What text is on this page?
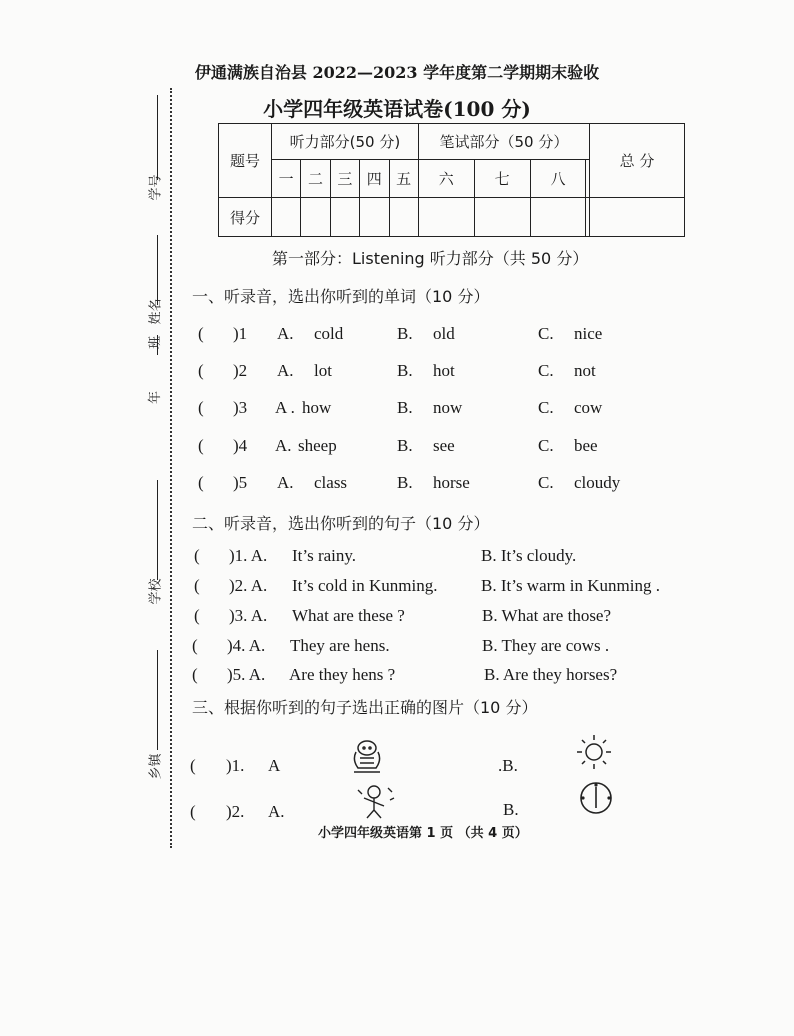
学号
姓名
班
年
学校
乡镇
伊通满族自治县 2022—2023 学年度第二学期期末验收
小学四年级英语试卷(100 分)
题号	听力部分(50 分)					笔试部分（50 分）				总 分
	一	二	三	四	五	六	七	八		
得分										
第一部分：Listening 听力部分（共 50 分）
一、听录音，选出你听到的单词（10 分）
( )1 A. cold	B. old	C. nice
( )2 A. lot	B. hot	C. not
( )3 A . how	B. now	C. cow
( )4 A. sheep	B. see	C. bee
( )5 A. class	B. horse	C. cloudy
二、听录音，选出你听到的句子（10 分）
( )1. A. It’s rainy.	B. It’s cloudy.
( )2. A. It’s cold in Kunming.	B. It’s warm in Kunming .
( )3. A. What are these ?	B. What are those?
( )4. A. They are hens.	B. They are cows .
( )5. A. Are they hens ?	B. Are they horses?
三、根据你听到的句子选出正确的图片（10 分）
( )1. A	.B.
( )2. A.	B.
小学四年级英语第 1 页 （共 4 页）
